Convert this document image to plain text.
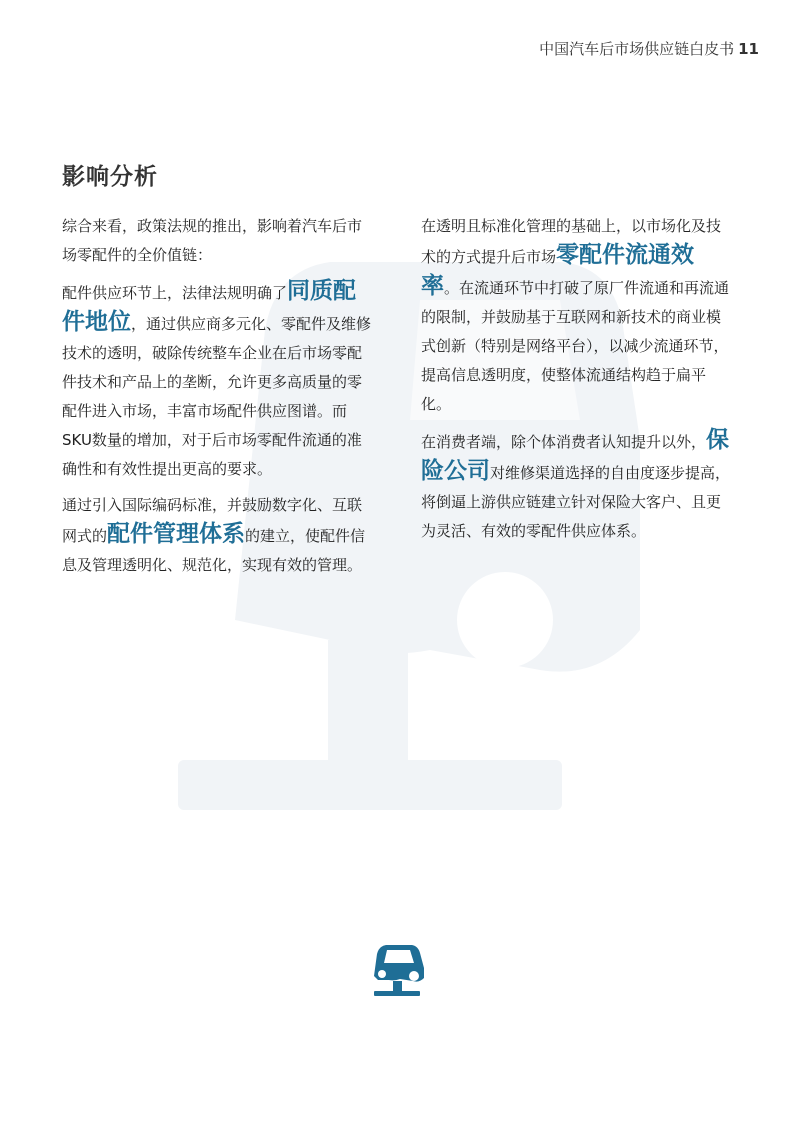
中国汽车后市场供应链白皮书 11
影响分析

综合来看，政策法规的推出，影响着汽车后市场零配件的全价值链：

配件供应环节上，法律法规明确了同质配件地位，通过供应商多元化、零配件及维修技术的透明，破除传统整车企业在后市场零配件技术和产品上的垄断，允许更多高质量的零配件进入市场，丰富市场配件供应图谱。而SKU数量的增加，对于后市场零配件流通的准确性和有效性提出更高的要求。

通过引入国际编码标准，并鼓励数字化、互联网式的配件管理体系的建立，使配件信息及管理透明化、规范化，实现有效的管理。

在透明且标准化管理的基础上，以市场化及技术的方式提升后市场零配件流通效率。在流通环节中打破了原厂件流通和再流通的限制，并鼓励基于互联网和新技术的商业模式创新（特别是网络平台），以减少流通环节，提高信息透明度，使整体流通结构趋于扁平化。

在消费者端，除个体消费者认知提升以外，保险公司对维修渠道选择的自由度逐步提高，将倒逼上游供应链建立针对保险大客户、且更为灵活、有效的零配件供应体系。
